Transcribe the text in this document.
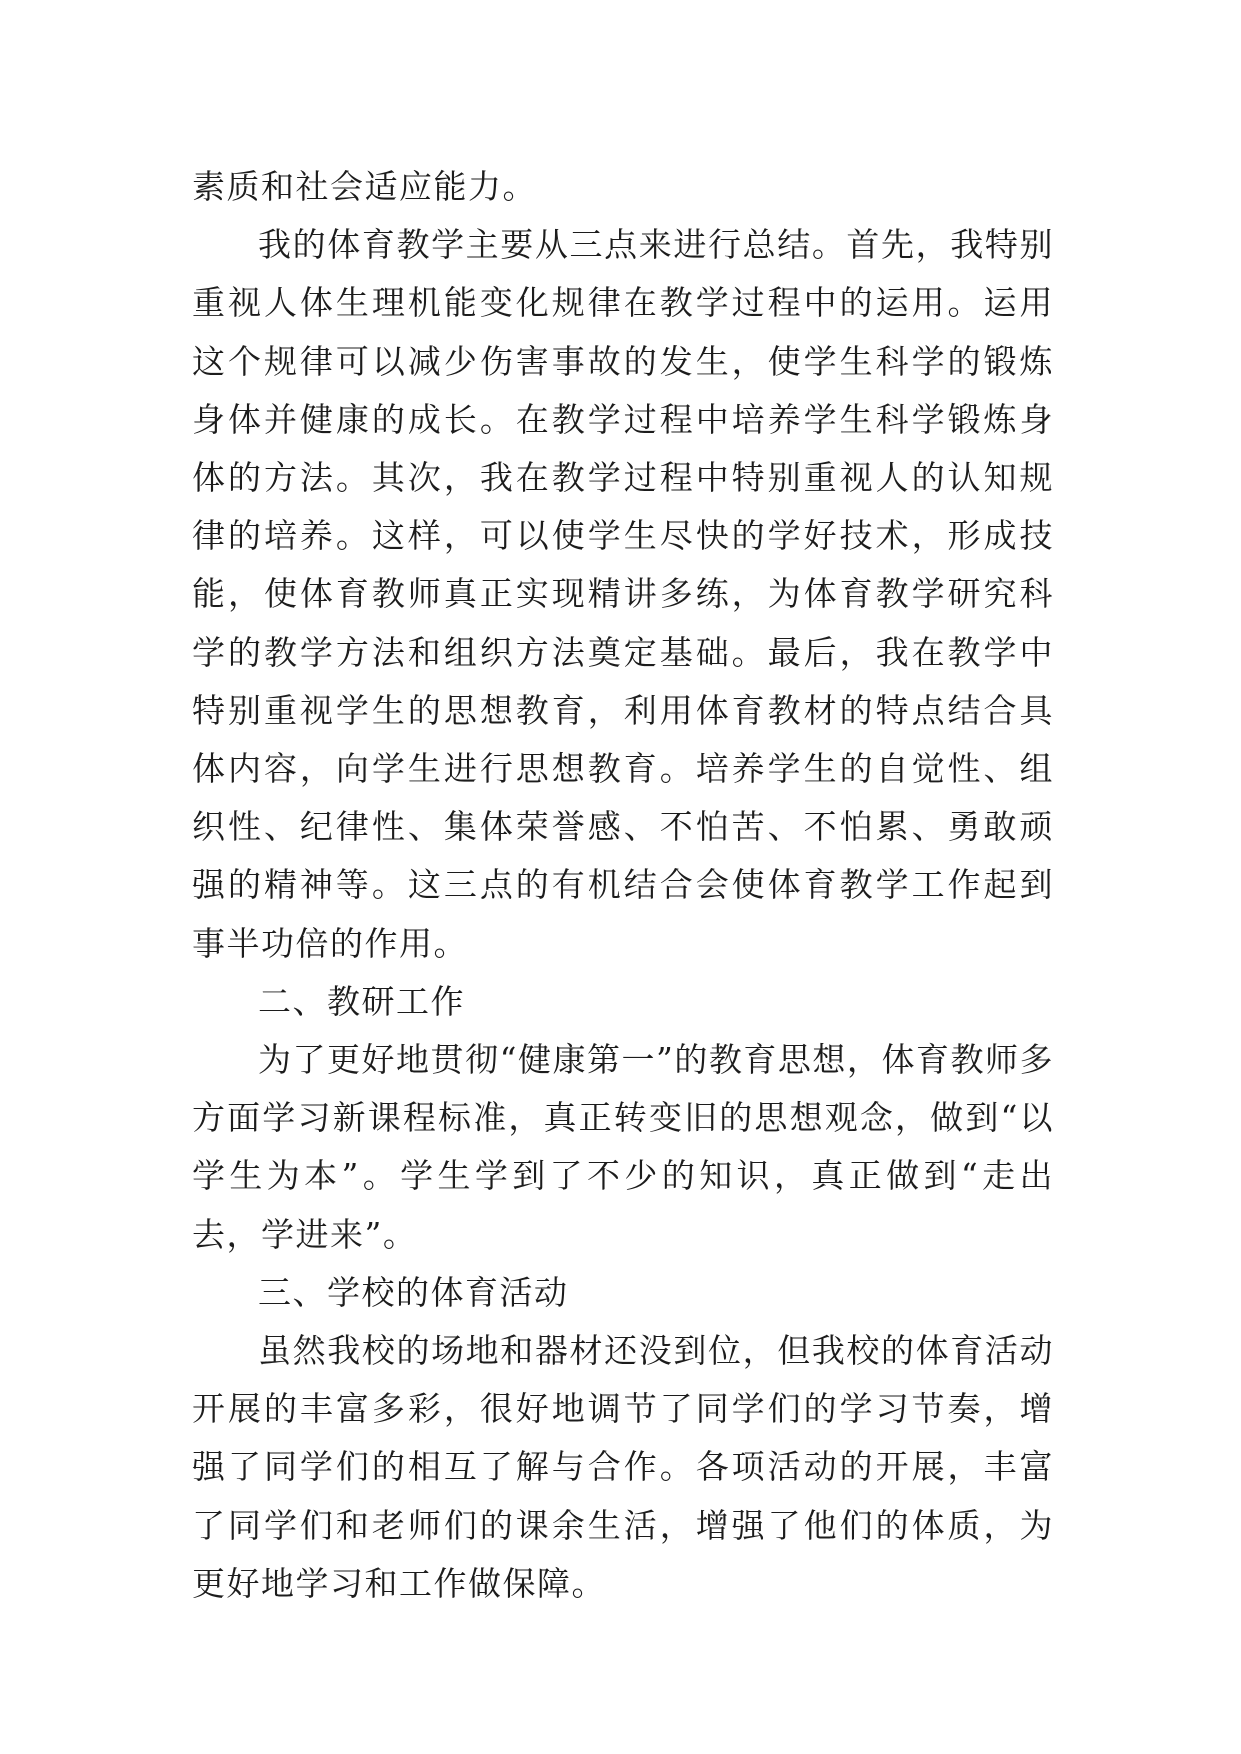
素质和社会适应能力。

我的体育教学主要从三点来进行总结。首先，我特别重视人体生理机能变化规律在教学过程中的运用。运用这个规律可以减少伤害事故的发生，使学生科学的锻炼身体并健康的成长。在教学过程中培养学生科学锻炼身体的方法。其次，我在教学过程中特别重视人的认知规律的培养。这样，可以使学生尽快的学好技术，形成技能，使体育教师真正实现精讲多练，为体育教学研究科学的教学方法和组织方法奠定基础。最后，我在教学中特别重视学生的思想教育，利用体育教材的特点结合具体内容，向学生进行思想教育。培养学生的自觉性、组织性、纪律性、集体荣誉感、不怕苦、不怕累、勇敢顽强的精神等。这三点的有机结合会使体育教学工作起到事半功倍的作用。

二、教研工作

为了更好地贯彻“健康第一”的教育思想，体育教师多方面学习新课程标准，真正转变旧的思想观念，做到“以学生为本”。学生学到了不少的知识，真正做到“走出去，学进来”。

三、学校的体育活动

虽然我校的场地和器材还没到位，但我校的体育活动开展的丰富多彩，很好地调节了同学们的学习节奏，增强了同学们的相互了解与合作。各项活动的开展，丰富了同学们和老师们的课余生活，增强了他们的体质，为更好地学习和工作做保障。
